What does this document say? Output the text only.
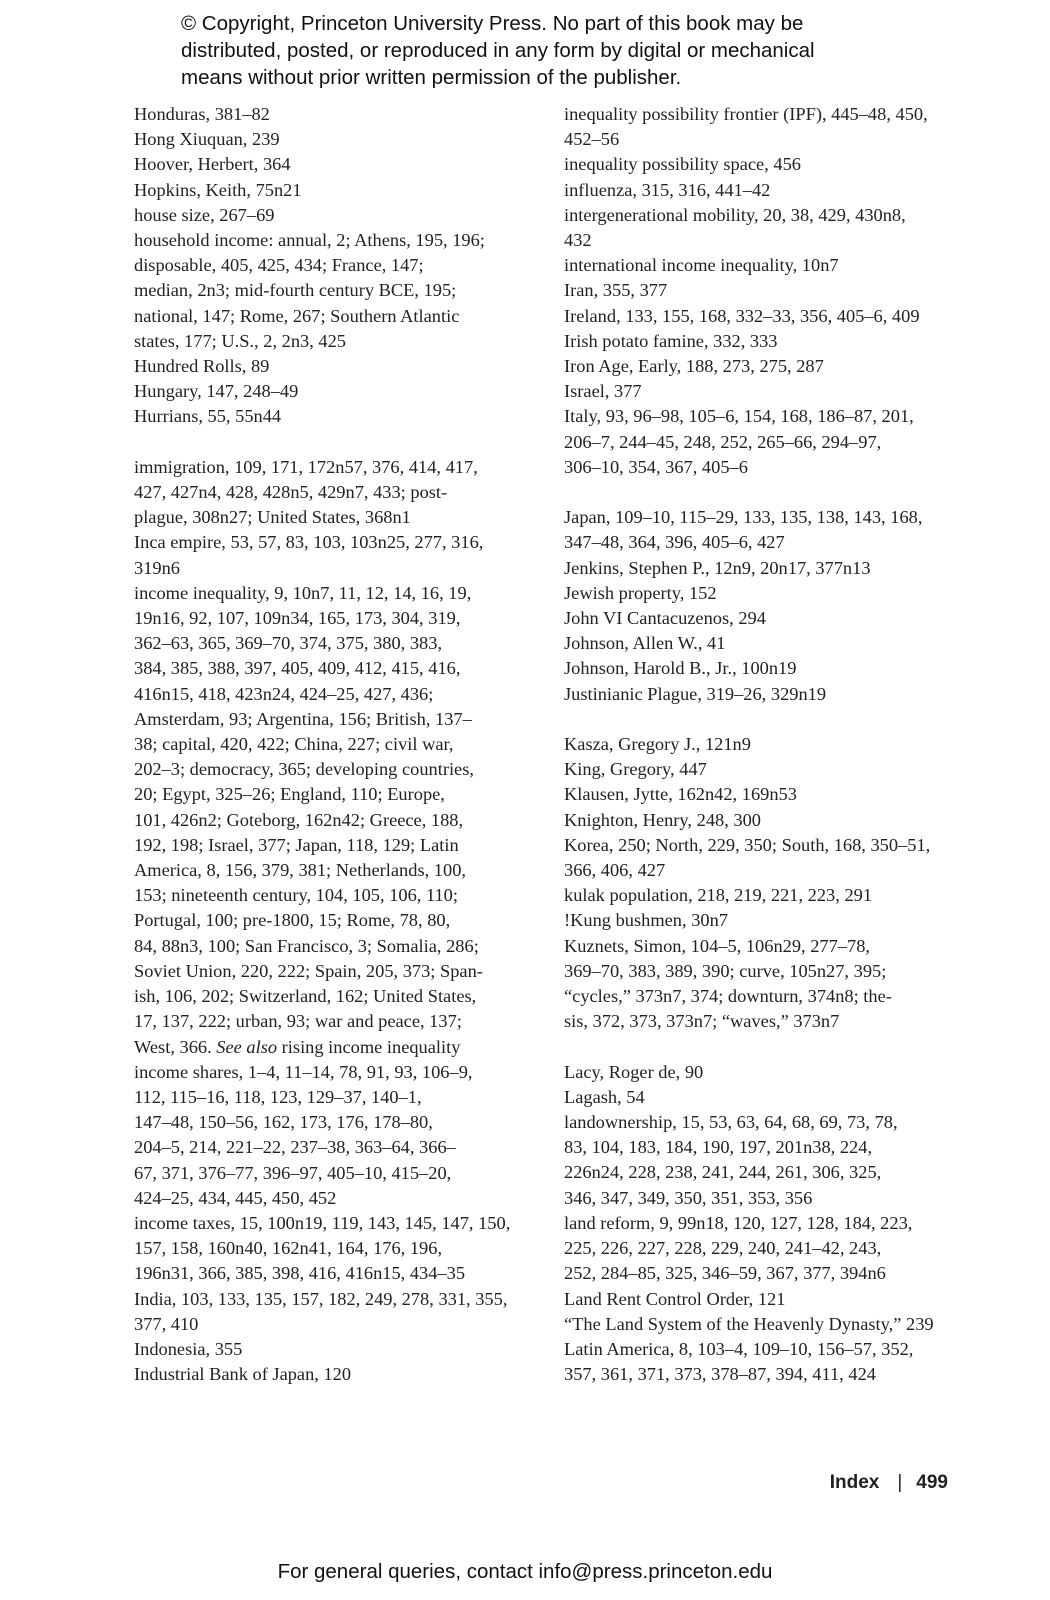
© Copyright, Princeton University Press. No part of this book may be
distributed, posted, or reproduced in any form by digital or mechanical
means without prior written permission of the publisher.
Honduras, 381–82
Hong Xiuquan, 239
Hoover, Herbert, 364
Hopkins, Keith, 75n21
house size, 267–69
household income: annual, 2; Athens, 195, 196;
disposable, 405, 425, 434; France, 147;
median, 2n3; mid-fourth century BCE, 195;
national, 147; Rome, 267; Southern Atlantic
states, 177; U.S., 2, 2n3, 425
Hundred Rolls, 89
Hungary, 147, 248–49
Hurrians, 55, 55n44
immigration, 109, 171, 172n57, 376, 414, 417,
427, 427n4, 428, 428n5, 429n7, 433; post-
plague, 308n27; United States, 368n1
Inca empire, 53, 57, 83, 103, 103n25, 277, 316,
319n6
income inequality, 9, 10n7, 11, 12, 14, 16, 19,
19n16, 92, 107, 109n34, 165, 173, 304, 319,
362–63, 365, 369–70, 374, 375, 380, 383,
384, 385, 388, 397, 405, 409, 412, 415, 416,
416n15, 418, 423n24, 424–25, 427, 436;
Amsterdam, 93; Argentina, 156; British, 137–
38; capital, 420, 422; China, 227; civil war,
202–3; democracy, 365; developing countries,
20; Egypt, 325–26; England, 110; Europe,
101, 426n2; Goteborg, 162n42; Greece, 188,
192, 198; Israel, 377; Japan, 118, 129; Latin
America, 8, 156, 379, 381; Netherlands, 100,
153; nineteenth century, 104, 105, 106, 110;
Portugal, 100; pre-1800, 15; Rome, 78, 80,
84, 88n3, 100; San Francisco, 3; Somalia, 286;
Soviet Union, 220, 222; Spain, 205, 373; Span-
ish, 106, 202; Switzerland, 162; United States,
17, 137, 222; urban, 93; war and peace, 137;
West, 366. See also rising income inequality
income shares, 1–4, 11–14, 78, 91, 93, 106–9,
112, 115–16, 118, 123, 129–37, 140–1,
147–48, 150–56, 162, 173, 176, 178–80,
204–5, 214, 221–22, 237–38, 363–64, 366–
67, 371, 376–77, 396–97, 405–10, 415–20,
424–25, 434, 445, 450, 452
income taxes, 15, 100n19, 119, 143, 145, 147, 150,
157, 158, 160n40, 162n41, 164, 176, 196,
196n31, 366, 385, 398, 416, 416n15, 434–35
India, 103, 133, 135, 157, 182, 249, 278, 331, 355,
377, 410
Indonesia, 355
Industrial Bank of Japan, 120
inequality possibility frontier (IPF), 445–48, 450,
452–56
inequality possibility space, 456
influenza, 315, 316, 441–42
intergenerational mobility, 20, 38, 429, 430n8,
432
international income inequality, 10n7
Iran, 355, 377
Ireland, 133, 155, 168, 332–33, 356, 405–6, 409
Irish potato famine, 332, 333
Iron Age, Early, 188, 273, 275, 287
Israel, 377
Italy, 93, 96–98, 105–6, 154, 168, 186–87, 201,
206–7, 244–45, 248, 252, 265–66, 294–97,
306–10, 354, 367, 405–6
Japan, 109–10, 115–29, 133, 135, 138, 143, 168,
347–48, 364, 396, 405–6, 427
Jenkins, Stephen P., 12n9, 20n17, 377n13
Jewish property, 152
John VI Cantacuzenos, 294
Johnson, Allen W., 41
Johnson, Harold B., Jr., 100n19
Justinianic Plague, 319–26, 329n19
Kasza, Gregory J., 121n9
King, Gregory, 447
Klausen, Jytte, 162n42, 169n53
Knighton, Henry, 248, 300
Korea, 250; North, 229, 350; South, 168, 350–51,
366, 406, 427
kulak population, 218, 219, 221, 223, 291
!Kung bushmen, 30n7
Kuznets, Simon, 104–5, 106n29, 277–78,
369–70, 383, 389, 390; curve, 105n27, 395;
“cycles,” 373n7, 374; downturn, 374n8; the-
sis, 372, 373, 373n7; “waves,” 373n7
Lacy, Roger de, 90
Lagash, 54
landownership, 15, 53, 63, 64, 68, 69, 73, 78,
83, 104, 183, 184, 190, 197, 201n38, 224,
226n24, 228, 238, 241, 244, 261, 306, 325,
346, 347, 349, 350, 351, 353, 356
land reform, 9, 99n18, 120, 127, 128, 184, 223,
225, 226, 227, 228, 229, 240, 241–42, 243,
252, 284–85, 325, 346–59, 367, 377, 394n6
Land Rent Control Order, 121
“The Land System of the Heavenly Dynasty,” 239
Latin America, 8, 103–4, 109–10, 156–57, 352,
357, 361, 371, 373, 378–87, 394, 411, 424
Index | 499
For general queries, contact info@press.princeton.edu
